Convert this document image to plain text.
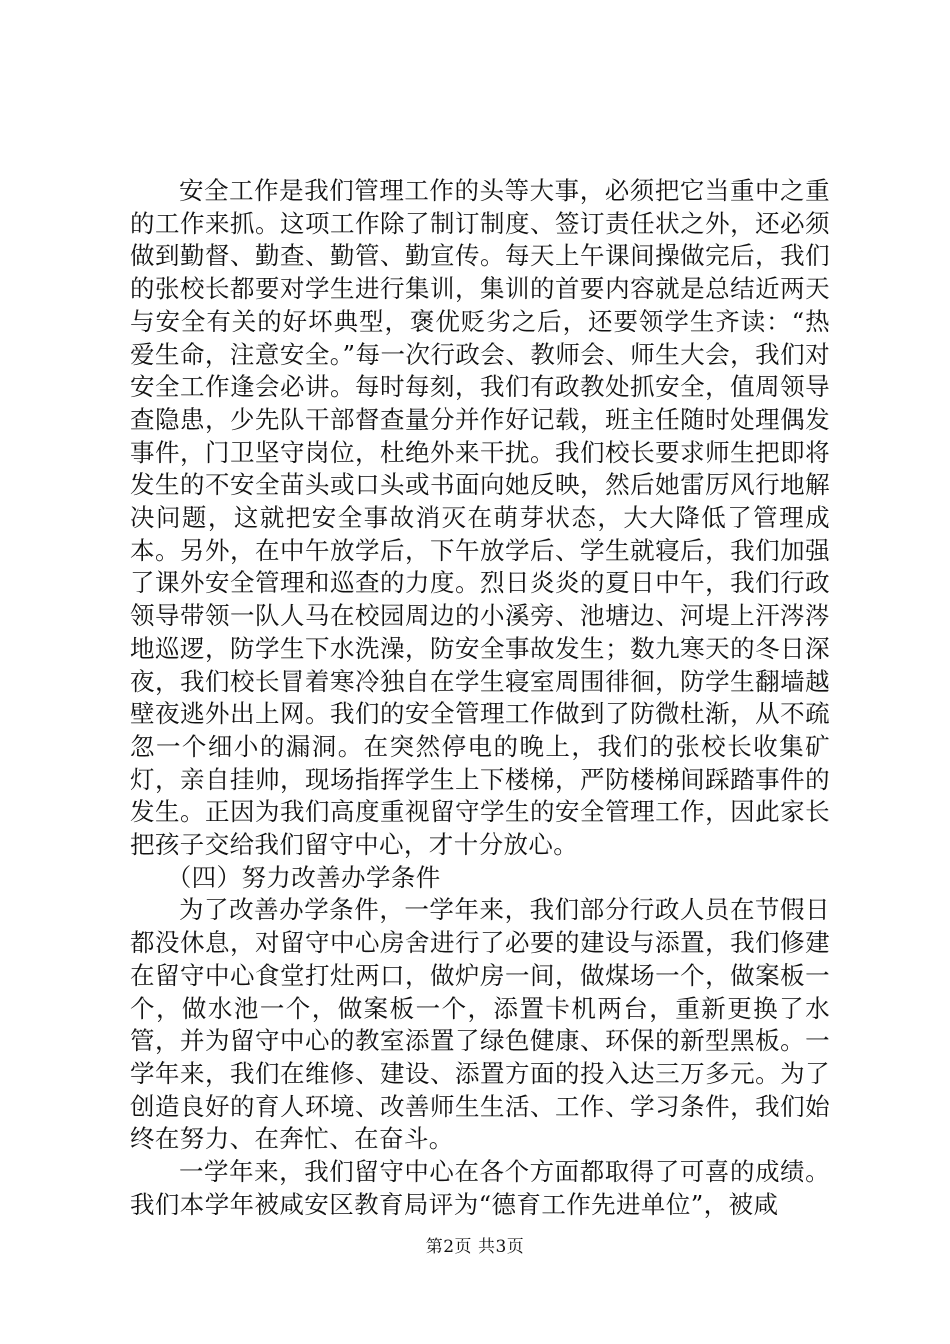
安全工作是我们管理工作的头等大事，必须把它当重中之重的工作来抓。这项工作除了制订制度、签订责任状之外，还必须做到勤督、勤查、勤管、勤宣传。每天上午课间操做完后，我们的张校长都要对学生进行集训，集训的首要内容就是总结近两天与安全有关的好坏典型，褒优贬劣之后，还要领学生齐读：“热爱生命，注意安全。”每一次行政会、教师会、师生大会，我们对安全工作逢会必讲。每时每刻，我们有政教处抓安全，值周领导查隐患，少先队干部督查量分并作好记载，班主任随时处理偶发事件，门卫坚守岗位，杜绝外来干扰。我们校长要求师生把即将发生的不安全苗头或口头或书面向她反映，然后她雷厉风行地解决问题，这就把安全事故消灭在萌芽状态，大大降低了管理成本。另外，在中午放学后，下午放学后、学生就寝后，我们加强了课外安全管理和巡查的力度。烈日炎炎的夏日中午，我们行政领导带领一队人马在校园周边的小溪旁、池塘边、河堤上汗涔涔地巡逻，防学生下水洗澡，防安全事故发生；数九寒天的冬日深夜，我们校长冒着寒冷独自在学生寝室周围徘徊，防学生翻墙越壁夜逃外出上网。我们的安全管理工作做到了防微杜渐，从不疏忽一个细小的漏洞。在突然停电的晚上，我们的张校长收集矿灯，亲自挂帅，现场指挥学生上下楼梯，严防楼梯间踩踏事件的发生。正因为我们高度重视留守学生的安全管理工作，因此家长把孩子交给我们留守中心，才十分放心。

（四）努力改善办学条件

为了改善办学条件，一学年来，我们部分行政人员在节假日都没休息，对留守中心房舍进行了必要的建设与添置，我们修建在留守中心食堂打灶两口，做炉房一间，做煤场一个，做案板一个，做水池一个，做案板一个，添置卡机两台，重新更换了水管，并为留守中心的教室添置了绿色健康、环保的新型黑板。一学年来，我们在维修、建设、添置方面的投入达三万多元。为了创造良好的育人环境、改善师生生活、工作、学习条件，我们始终在努力、在奔忙、在奋斗。

一学年来，我们留守中心在各个方面都取得了可喜的成绩。我们本学年被咸安区教育局评为“德育工作先进单位”，被咸

第2页 共3页
